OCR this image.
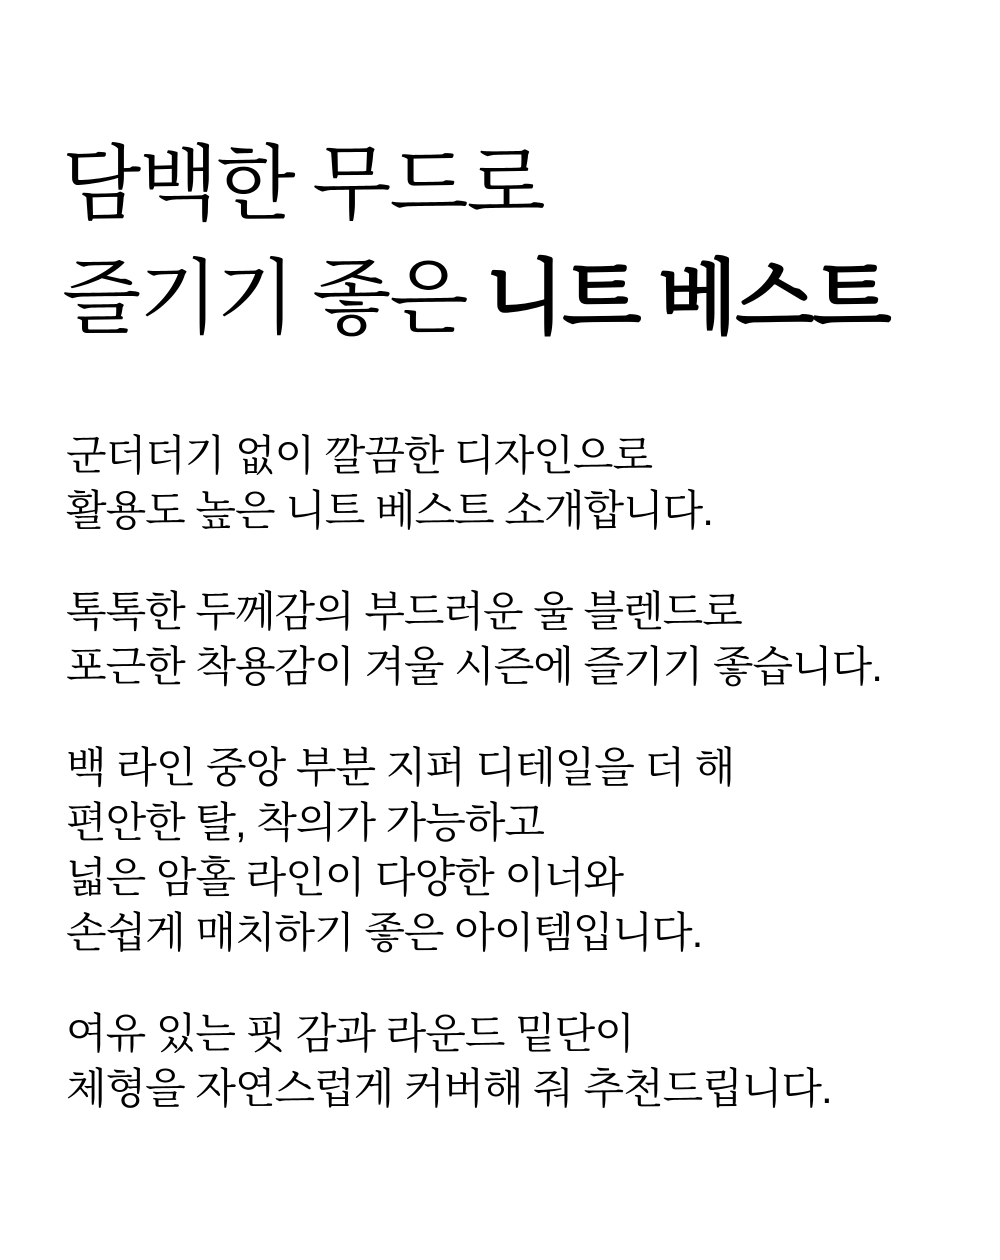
담백한 무드로
즐기기 좋은 니트 베스트

군더더기 없이 깔끔한 디자인으로
활용도 높은 니트 베스트 소개합니다.

톡톡한 두께감의 부드러운 울 블렌드로
포근한 착용감이 겨울 시즌에 즐기기 좋습니다.

백 라인 중앙 부분 지퍼 디테일을 더 해
편안한 탈, 착의가 가능하고
넓은 암홀 라인이 다양한 이너와
손쉽게 매치하기 좋은 아이템입니다.

여유 있는 핏 감과 라운드 밑단이
체형을 자연스럽게 커버해 줘 추천드립니다.
